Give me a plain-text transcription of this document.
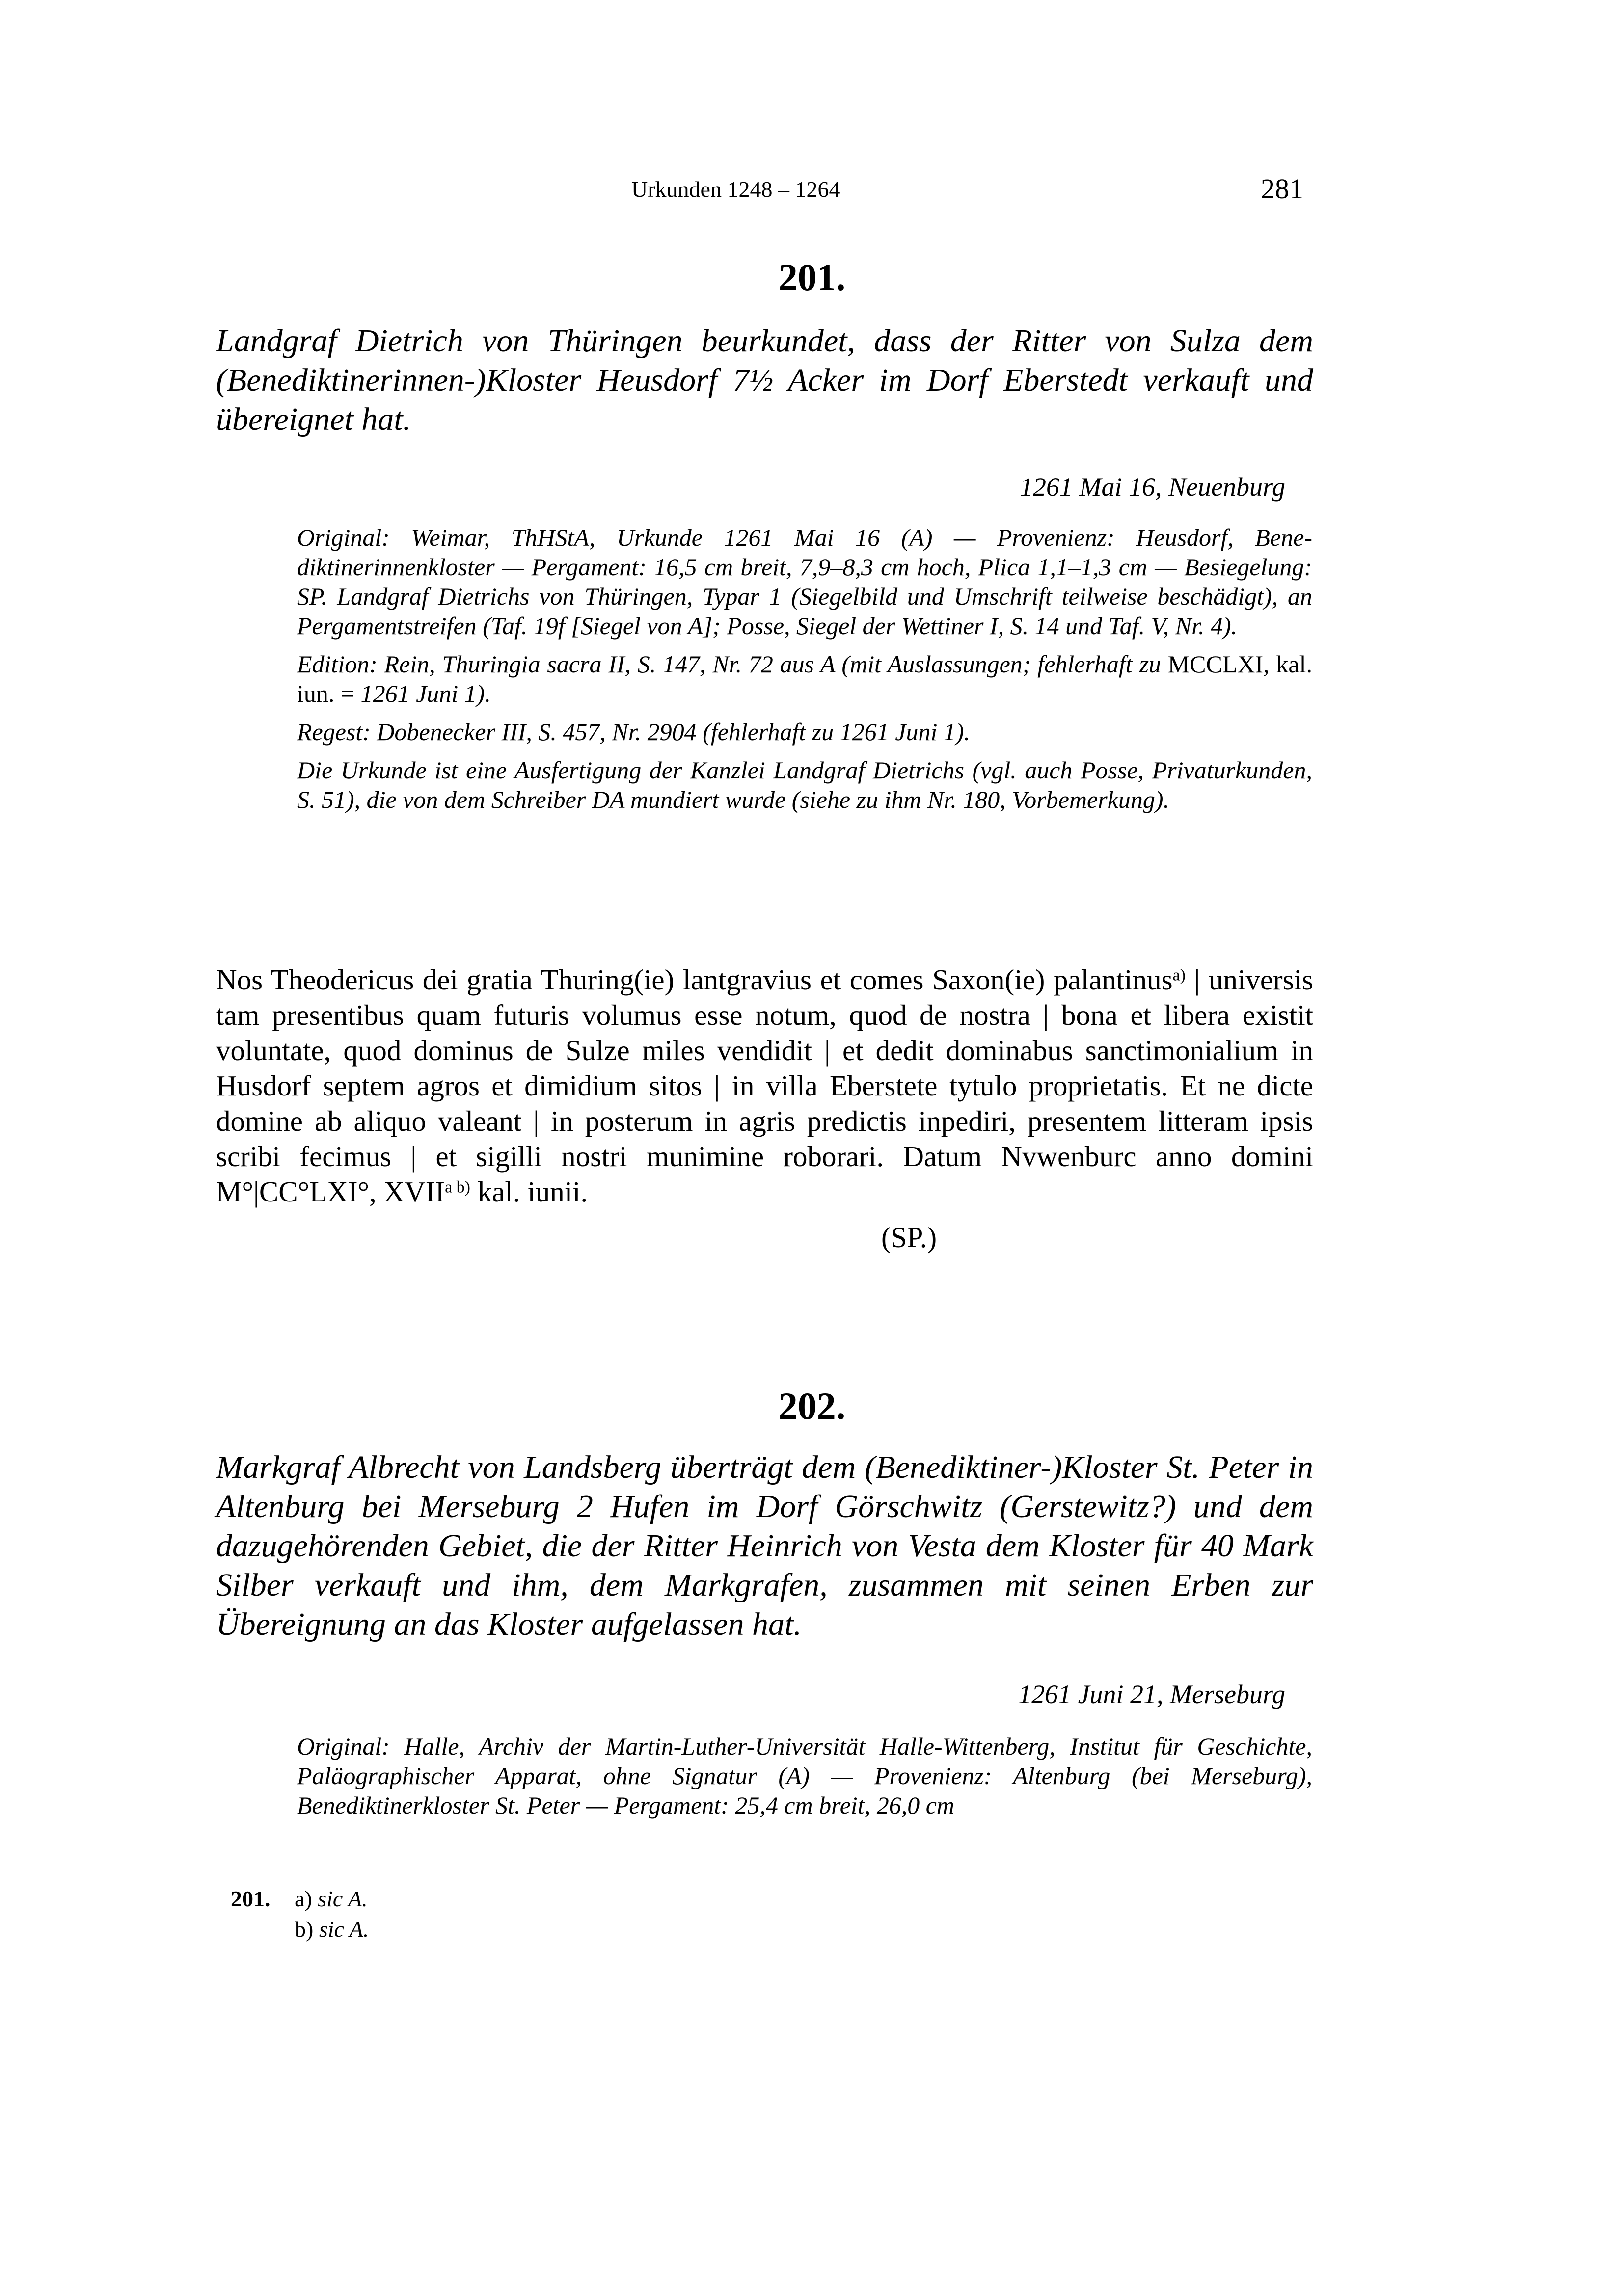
Urkunden 1248 – 1264	281
201.
Landgraf Dietrich von Thüringen beurkundet, dass der Ritter von Sulza dem (Benediktinerinnen-)Kloster Heusdorf 7½ Acker im Dorf Eberstedt verkauft und übereignet hat.
1261 Mai 16, Neuenburg

Original: Weimar, ThHStA, Urkunde 1261 Mai 16 (A) — Provenienz: Heusdorf, Benediktinerinnenkloster — Pergament: 16,5 cm breit, 7,9–8,3 cm hoch, Plica 1,1–1,3 cm — Besiegelung: SP. Landgraf Dietrichs von Thüringen, Typar 1 (Siegelbild und Umschrift teilweise beschädigt), an Pergamentstreifen (Taf. 19f [Siegel von A]; Posse, Siegel der Wettiner I, S. 14 und Taf. V, Nr. 4).

Edition: Rein, Thuringia sacra II, S. 147, Nr. 72 aus A (mit Auslassungen; fehlerhaft zu MCCLXI, kal. iun. = 1261 Juni 1).

Regest: Dobenecker III, S. 457, Nr. 2904 (fehlerhaft zu 1261 Juni 1).

Die Urkunde ist eine Ausfertigung der Kanzlei Landgraf Dietrichs (vgl. auch Posse, Privaturkunden, S. 51), die von dem Schreiber DA mundiert wurde (siehe zu ihm Nr. 180, Vorbemerkung).

Nos Theodericus dei gratia Thuring(ie) lantgravius et comes Saxon(ie) palantinus$^{a)}$ | universis tam presentibus quam futuris volumus esse notum, quod de nostra | bona et libera existit voluntate, quod dominus de Sulze miles vendidit | et dedit dominabus sanctimonialium in Husdorf septem agros et dimidium sitos | in villa Eberstete tytulo proprietatis. Et ne dicte domine ab aliquo valeant | in posterum in agris predictis inpediri, presentem litteram ipsis scribi fecimus | et sigilli nostri munimine roborari. Datum Nvwenburc anno domini M°|CC°LXI°, $XVII^{a b)}$ kal. iunii.

(SP.)
202.
Markgraf Albrecht von Landsberg überträgt dem (Benediktiner-)Kloster St. Peter in Altenburg bei Merseburg 2 Hufen im Dorf Görschwitz (Gerstewitz?) und dem dazugehörenden Gebiet, die der Ritter Heinrich von Vesta dem Kloster für 40 Mark Silber verkauft und ihm, dem Markgrafen, zusammen mit seinen Erben zur Übereignung an das Kloster aufgelassen hat.
1261 Juni 21, Merseburg

Original: Halle, Archiv der Martin-Luther-Universität Halle-Wittenberg, Institut für Geschichte, Paläographischer Apparat, ohne Signatur (A) — Provenienz: Altenburg (bei Merseburg), Benediktinerkloster St. Peter — Pergament: 25,4 cm breit, 26,0 cm

201. a) sic A.
b) sic A.
